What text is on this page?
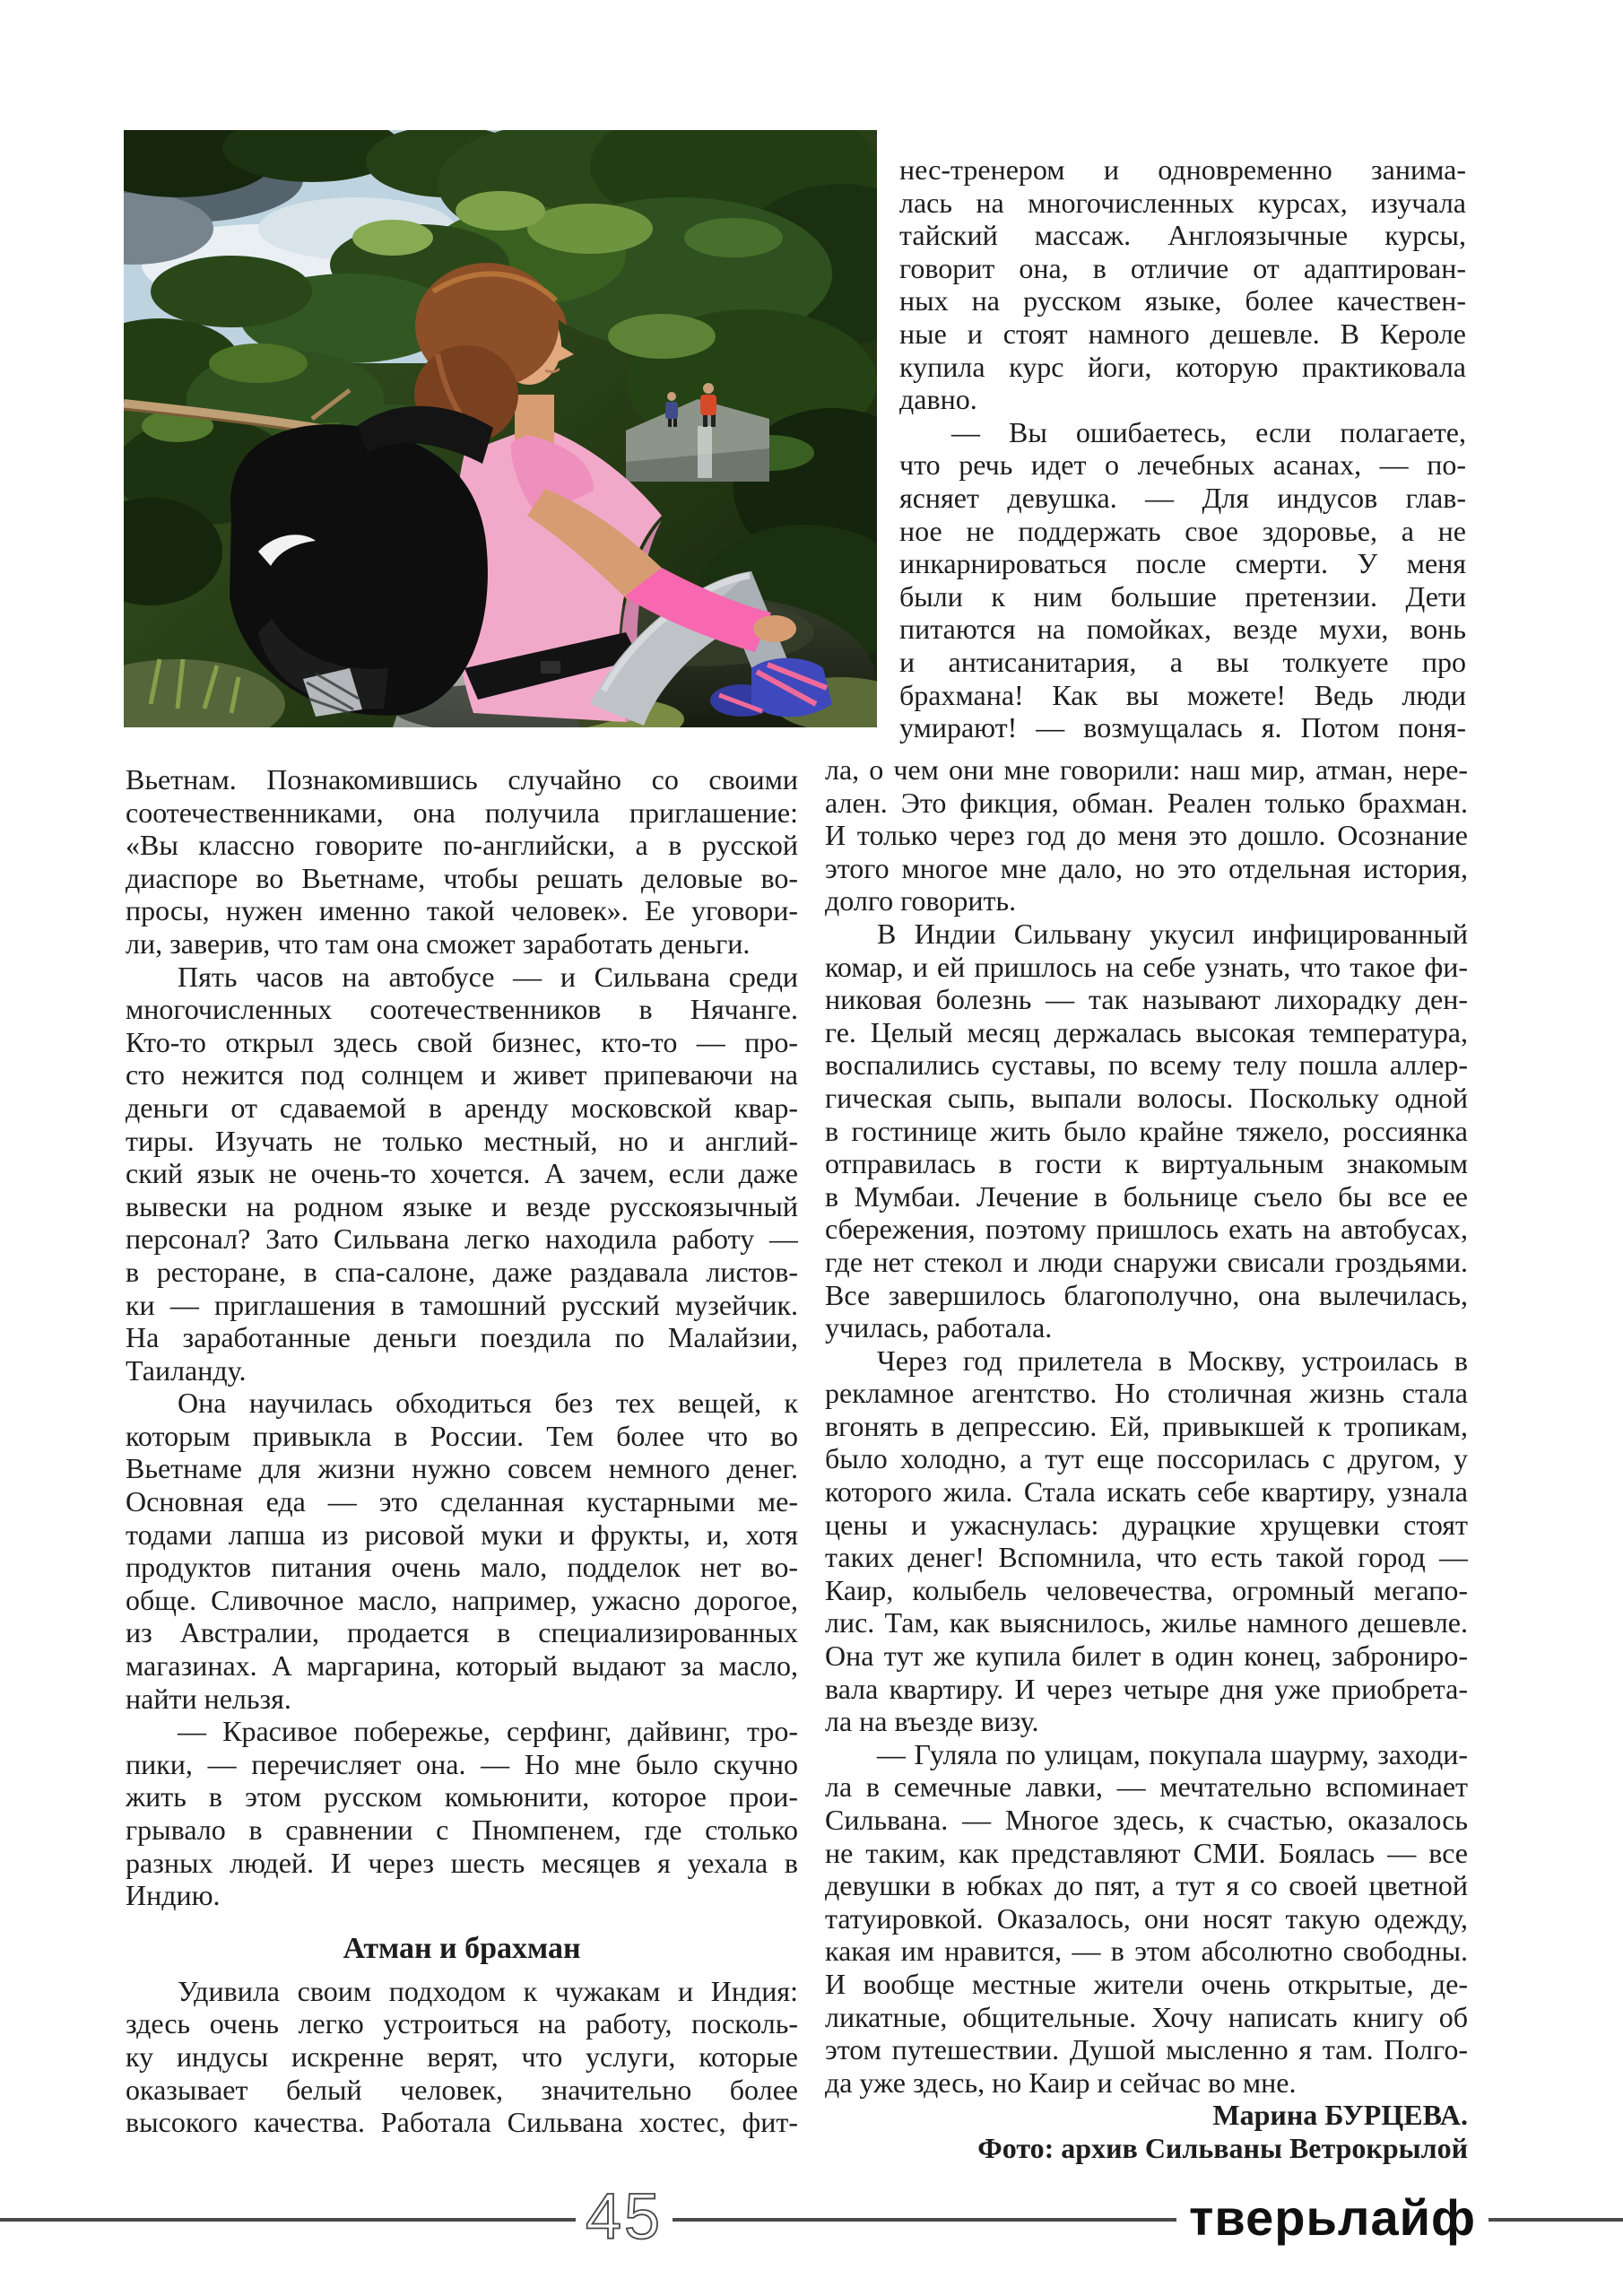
Вьетнам. Познакомившись случайно со своими
соотечественниками, она получила приглашение:
«Вы классно говорите по-английски, а в русской
диаспоре во Вьетнаме, чтобы решать деловые во-
просы, нужен именно такой человек». Ее уговори-
ли, заверив, что там она сможет заработать деньги.
Пять часов на автобусе — и Сильвана среди
многочисленных соотечественников в Нячанге.
Кто-то открыл здесь свой бизнес, кто-то — про-
сто нежится под солнцем и живет припеваючи на
деньги от сдаваемой в аренду московской квар-
тиры. Изучать не только местный, но и англий-
ский язык не очень-то хочется. А зачем, если даже
вывески на родном языке и везде русскоязычный
персонал? Зато Сильвана легко находила работу —
в ресторане, в спа-салоне, даже раздавала листов-
ки — приглашения в тамошний русский музейчик.
На заработанные деньги поездила по Малайзии,
Таиланду.
Она научилась обходиться без тех вещей, к
которым привыкла в России. Тем более что во
Вьетнаме для жизни нужно совсем немного денег.
Основная еда — это сделанная кустарными ме-
тодами лапша из рисовой муки и фрукты, и, хотя
продуктов питания очень мало, подделок нет во-
обще. Сливочное масло, например, ужасно дорогое,
из Австралии, продается в специализированных
магазинах. А маргарина, который выдают за масло,
найти нельзя.
— Красивое побережье, серфинг, дайвинг, тро-
пики, — перечисляет она. — Но мне было скучно
жить в этом русском комьюнити, которое прои-
грывало в сравнении с Пномпенем, где столько
разных людей. И через шесть месяцев я уехала в
Индию.
Атман и брахман
Удивила своим подходом к чужакам и Индия:
здесь очень легко устроиться на работу, посколь-
ку индусы искренне верят, что услуги, которые
оказывает белый человек, значительно более
высокого качества. Работала Сильвана хостес, фит-
нес-тренером и одновременно занима-
лась на многочисленных курсах, изучала
тайский массаж. Англоязычные курсы,
говорит она, в отличие от адаптирован-
ных на русском языке, более качествен-
ные и стоят намного дешевле. В Кероле
купила курс йоги, которую практиковала
давно.
— Вы ошибаетесь, если полагаете,
что речь идет о лечебных асанах, — по-
ясняет девушка. — Для индусов глав-
ное не поддержать свое здоровье, а не
инкарнироваться после смерти. У меня
были к ним большие претензии. Дети
питаются на помойках, везде мухи, вонь
и антисанитария, а вы толкуете про
брахмана! Как вы можете! Ведь люди
умирают! — возмущалась я. Потом поня-
ла, о чем они мне говорили: наш мир, атман, нере-
ален. Это фикция, обман. Реален только брахман.
И только через год до меня это дошло. Осознание
этого многое мне дало, но это отдельная история,
долго говорить.
В Индии Сильвану укусил инфицированный
комар, и ей пришлось на себе узнать, что такое фи-
никовая болезнь — так называют лихорадку ден-
ге. Целый месяц держалась высокая температура,
воспалились суставы, по всему телу пошла аллер-
гическая сыпь, выпали волосы. Поскольку одной
в гостинице жить было крайне тяжело, россиянка
отправилась в гости к виртуальным знакомым
в Мумбаи. Лечение в больнице съело бы все ее
сбережения, поэтому пришлось ехать на автобусах,
где нет стекол и люди снаружи свисали гроздьями.
Все завершилось благополучно, она вылечилась,
училась, работала.
Через год прилетела в Москву, устроилась в
рекламное агентство. Но столичная жизнь стала
вгонять в депрессию. Ей, привыкшей к тропикам,
было холодно, а тут еще поссорилась с другом, у
которого жила. Стала искать себе квартиру, узнала
цены и ужаснулась: дурацкие хрущевки стоят
таких денег! Вспомнила, что есть такой город —
Каир, колыбель человечества, огромный мегапо-
лис. Там, как выяснилось, жилье намного дешевле.
Она тут же купила билет в один конец, заброниро-
вала квартиру. И через четыре дня уже приобрета-
ла на въезде визу.
— Гуляла по улицам, покупала шаурму, заходи-
ла в семечные лавки, — мечтательно вспоминает
Сильвана. — Многое здесь, к счастью, оказалось
не таким, как представляют СМИ. Боялась — все
девушки в юбках до пят, а тут я со своей цветной
татуировкой. Оказалось, они носят такую одежду,
какая им нравится, — в этом абсолютно свободны.
И вообще местные жители очень открытые, де-
ликатные, общительные. Хочу написать книгу об
этом путешествии. Душой мысленно я там. Полго-
да уже здесь, но Каир и сейчас во мне.
Марина БУРЦЕВА.
Фото: архив Сильваны Ветрокрылой
45	тверьлайф
